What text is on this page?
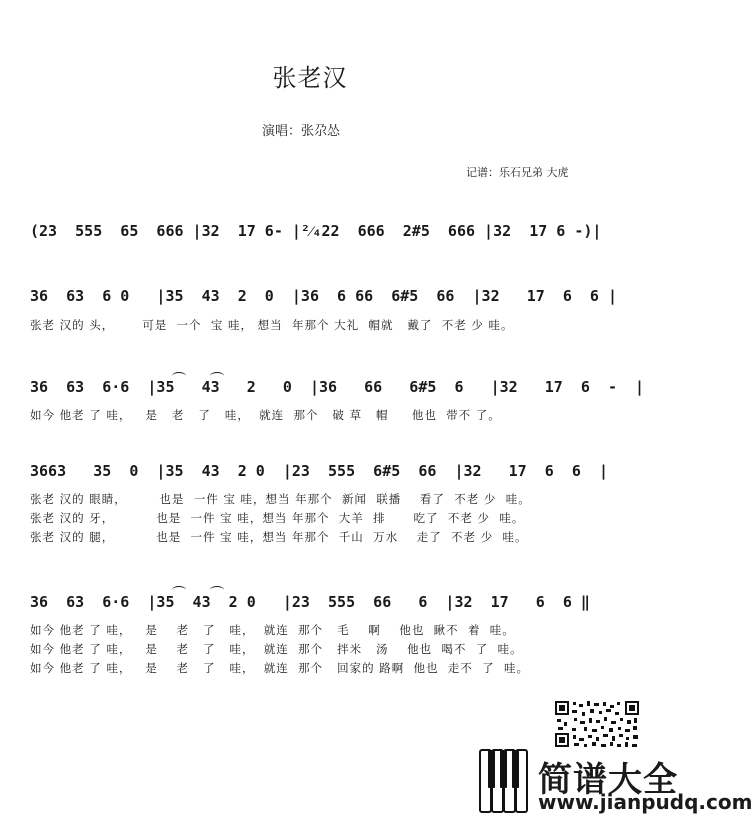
张老汉
演唱：张尕怂
记谱：乐石兄弟 大虎
(23  555  65  666 |32  17 6- |²⁄₄22  666  2#5  666 |32  17 6 -)|
36  63  6 0   |35  43  2  0  |36  6 66  6#5  66  |32   17  6  6 |
张老 汉的 头，      可是  一个  宝 哇， 想当  年那个 大礼  帽就   戴了  不老 少 哇。
36  63  6·6  |35   43   2   0  |36   66   6#5  6   |32   17  6  -  |
如今 他老 了 哇，   是   老   了   哇，  就连  那个   破 草   帽     他也  带不 了。
3663   35  0  |35  43  2 0  |23  555  6#5  66  |32   17  6  6  |
张老 汉的 眼睛，       也是  一件 宝 哇，想当 年那个  新闻  联播    看了  不老 少  哇。
张老 汉的 牙，         也是  一件 宝 哇，想当 年那个  大羊  排      吃了  不老 少  哇。
张老 汉的 腿，         也是  一件 宝 哇，想当 年那个  千山  万水    走了  不老 少  哇。
36  63  6·6  |35  43  2 0   |23  555  66   6  |32  17   6  6 ‖
如今 他老 了 哇，   是    老   了   哇，  就连  那个   毛    啊    他也  瞅不  着  哇。
如今 他老 了 哇，   是    老   了   哇，  就连  那个   拌米   汤    他也  喝不  了  哇。
如今 他老 了 哇，   是    老   了   哇，  就连  那个   回家的 路啊  他也  走不  了  哇。
简谱大全
www.jianpudq.com
